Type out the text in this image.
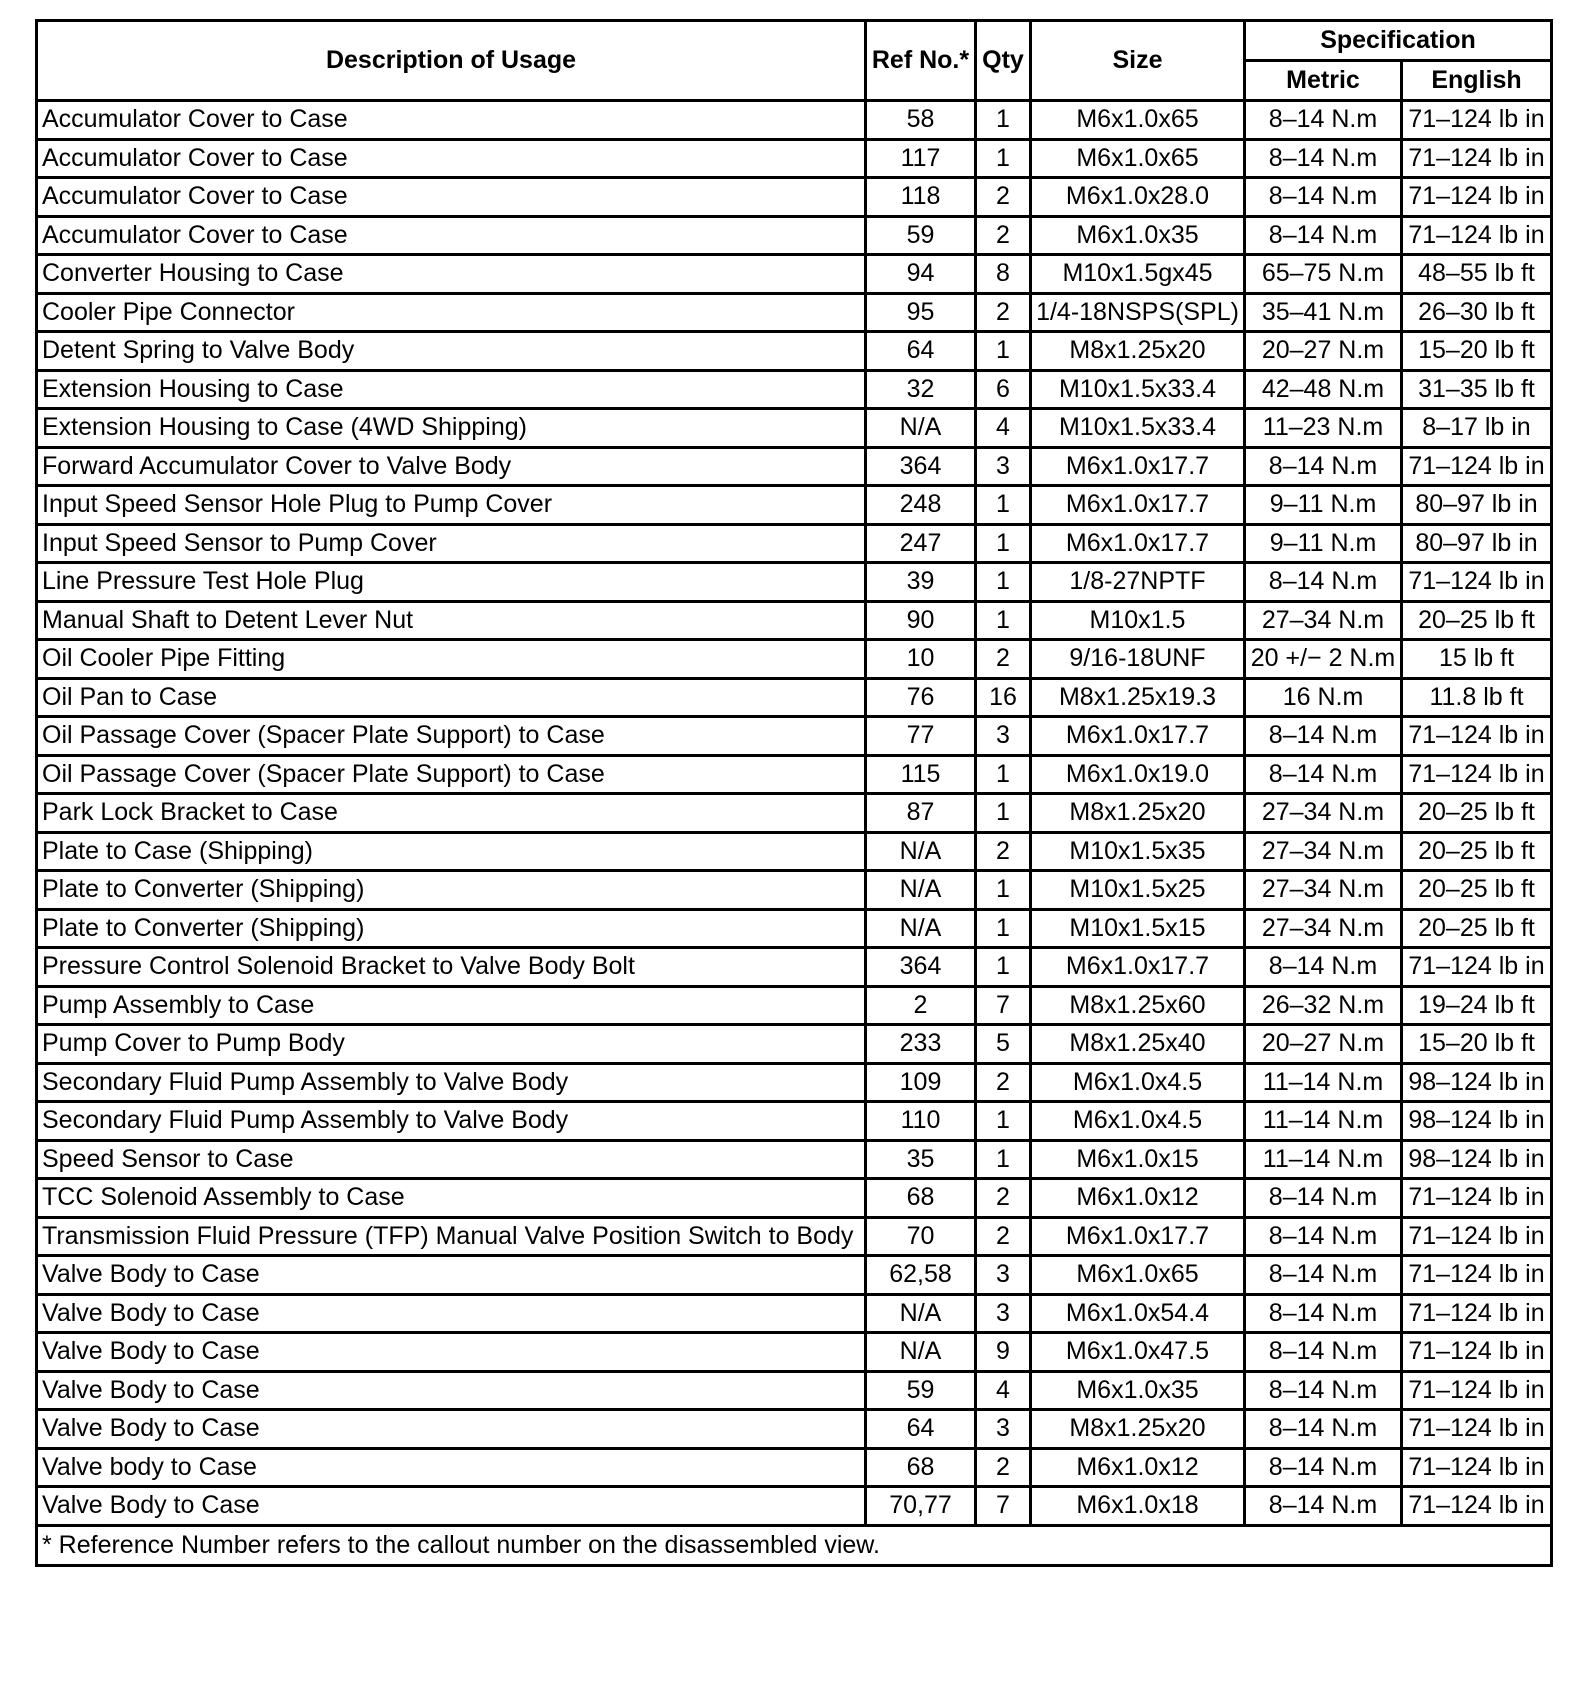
Description of Usage	Ref No.*	Qty	Size	Specification	
				Metric	English
Accumulator Cover to Case	58	1	M6x1.0x65	8–14 N.m	71–124 lb in
Accumulator Cover to Case	117	1	M6x1.0x65	8–14 N.m	71–124 lb in
Accumulator Cover to Case	118	2	M6x1.0x28.0	8–14 N.m	71–124 lb in
Accumulator Cover to Case	59	2	M6x1.0x35	8–14 N.m	71–124 lb in
Converter Housing to Case	94	8	M10x1.5gx45	65–75 N.m	48–55 lb ft
Cooler Pipe Connector	95	2	1/4-18NSPS(SPL)	35–41 N.m	26–30 lb ft
Detent Spring to Valve Body	64	1	M8x1.25x20	20–27 N.m	15–20 lb ft
Extension Housing to Case	32	6	M10x1.5x33.4	42–48 N.m	31–35 lb ft
Extension Housing to Case (4WD Shipping)	N/A	4	M10x1.5x33.4	11–23 N.m	8–17 lb in
Forward Accumulator Cover to Valve Body	364	3	M6x1.0x17.7	8–14 N.m	71–124 lb in
Input Speed Sensor Hole Plug to Pump Cover	248	1	M6x1.0x17.7	9–11 N.m	80–97 lb in
Input Speed Sensor to Pump Cover	247	1	M6x1.0x17.7	9–11 N.m	80–97 lb in
Line Pressure Test Hole Plug	39	1	1/8-27NPTF	8–14 N.m	71–124 lb in
Manual Shaft to Detent Lever Nut	90	1	M10x1.5	27–34 N.m	20–25 lb ft
Oil Cooler Pipe Fitting	10	2	9/16-18UNF	20 +/− 2 N.m	15 lb ft
Oil Pan to Case	76	16	M8x1.25x19.3	16 N.m	11.8 lb ft
Oil Passage Cover (Spacer Plate Support) to Case	77	3	M6x1.0x17.7	8–14 N.m	71–124 lb in
Oil Passage Cover (Spacer Plate Support) to Case	115	1	M6x1.0x19.0	8–14 N.m	71–124 lb in
Park Lock Bracket to Case	87	1	M8x1.25x20	27–34 N.m	20–25 lb ft
Plate to Case (Shipping)	N/A	2	M10x1.5x35	27–34 N.m	20–25 lb ft
Plate to Converter (Shipping)	N/A	1	M10x1.5x25	27–34 N.m	20–25 lb ft
Plate to Converter (Shipping)	N/A	1	M10x1.5x15	27–34 N.m	20–25 lb ft
Pressure Control Solenoid Bracket to Valve Body Bolt	364	1	M6x1.0x17.7	8–14 N.m	71–124 lb in
Pump Assembly to Case	2	7	M8x1.25x60	26–32 N.m	19–24 lb ft
Pump Cover to Pump Body	233	5	M8x1.25x40	20–27 N.m	15–20 lb ft
Secondary Fluid Pump Assembly to Valve Body	109	2	M6x1.0x4.5	11–14 N.m	98–124 lb in
Secondary Fluid Pump Assembly to Valve Body	110	1	M6x1.0x4.5	11–14 N.m	98–124 lb in
Speed Sensor to Case	35	1	M6x1.0x15	11–14 N.m	98–124 lb in
TCC Solenoid Assembly to Case	68	2	M6x1.0x12	8–14 N.m	71–124 lb in
Transmission Fluid Pressure (TFP) Manual Valve Position Switch to Body	70	2	M6x1.0x17.7	8–14 N.m	71–124 lb in
Valve Body to Case	62,58	3	M6x1.0x65	8–14 N.m	71–124 lb in
Valve Body to Case	N/A	3	M6x1.0x54.4	8–14 N.m	71–124 lb in
Valve Body to Case	N/A	9	M6x1.0x47.5	8–14 N.m	71–124 lb in
Valve Body to Case	59	4	M6x1.0x35	8–14 N.m	71–124 lb in
Valve Body to Case	64	3	M8x1.25x20	8–14 N.m	71–124 lb in
Valve body to Case	68	2	M6x1.0x12	8–14 N.m	71–124 lb in
Valve Body to Case	70,77	7	M6x1.0x18	8–14 N.m	71–124 lb in
* Reference Number refers to the callout number on the disassembled view.					
